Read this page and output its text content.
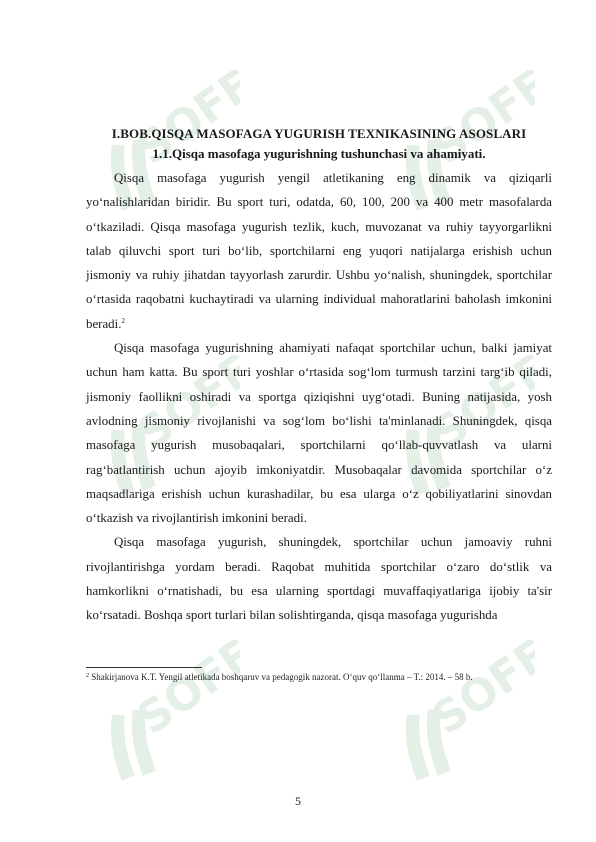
SOFF	SOFF
SOFF	SOFF
SOFF	SOFF

I.BOB.QISQA MASOFAGA YUGURISH TEXNIKASINING ASOSLARI

1.1.Qisqa masofaga yugurishning tushunchasi va ahamiyati.

Qisqa masofaga yugurish yengil atletikaning eng dinamik va qiziqarli yo‘nalishlaridan biridir. Bu sport turi, odatda, 60, 100, 200 va 400 metr masofalarda o‘tkaziladi. Qisqa masofaga yugurish tezlik, kuch, muvozanat va ruhiy tayyorgarlikni talab qiluvchi sport turi bo‘lib, sportchilarni eng yuqori natijalarga erishish uchun jismoniy va ruhiy jihatdan tayyorlash zarurdir. Ushbu yo‘nalish, shuningdek, sportchilar o‘rtasida raqobatni kuchaytiradi va ularning individual mahoratlarini baholash imkonini beradi.$^2$

Qisqa masofaga yugurishning ahamiyati nafaqat sportchilar uchun, balki jamiyat uchun ham katta. Bu sport turi yoshlar o‘rtasida sog‘lom turmush tarzini targ‘ib qiladi, jismoniy faollikni oshiradi va sportga qiziqishni uyg‘otadi. Buning natijasida, yosh avlodning jismoniy rivojlanishi va sog‘lom bo‘lishi ta'minlanadi. Shuningdek, qisqa masofaga yugurish musobaqalari, sportchilarni qo‘llab-quvvatlash va ularni rag‘batlantirish uchun ajoyib imkoniyatdir. Musobaqalar davomida sportchilar o‘z maqsadlariga erishish uchun kurashadilar, bu esa ularga o‘z qobiliyatlarini sinovdan o‘tkazish va rivojlantirish imkonini beradi.

Qisqa masofaga yugurish, shuningdek, sportchilar uchun jamoaviy ruhni rivojlantirishga yordam beradi. Raqobat muhitida sportchilar o‘zaro do‘stlik va hamkorlikni o‘rnatishadi, bu esa ularning sportdagi muvaffaqiyatlariga ijobiy ta'sir ko‘rsatadi. Boshqa sport turlari bilan solishtirganda, qisqa masofaga yugurishda

$^2$ Shakirjanova K.T. Yengil atletikada boshqaruv va pedagogik nazorat. O‘quv qo‘llanma – T.: 2014. – 58 b.
5
